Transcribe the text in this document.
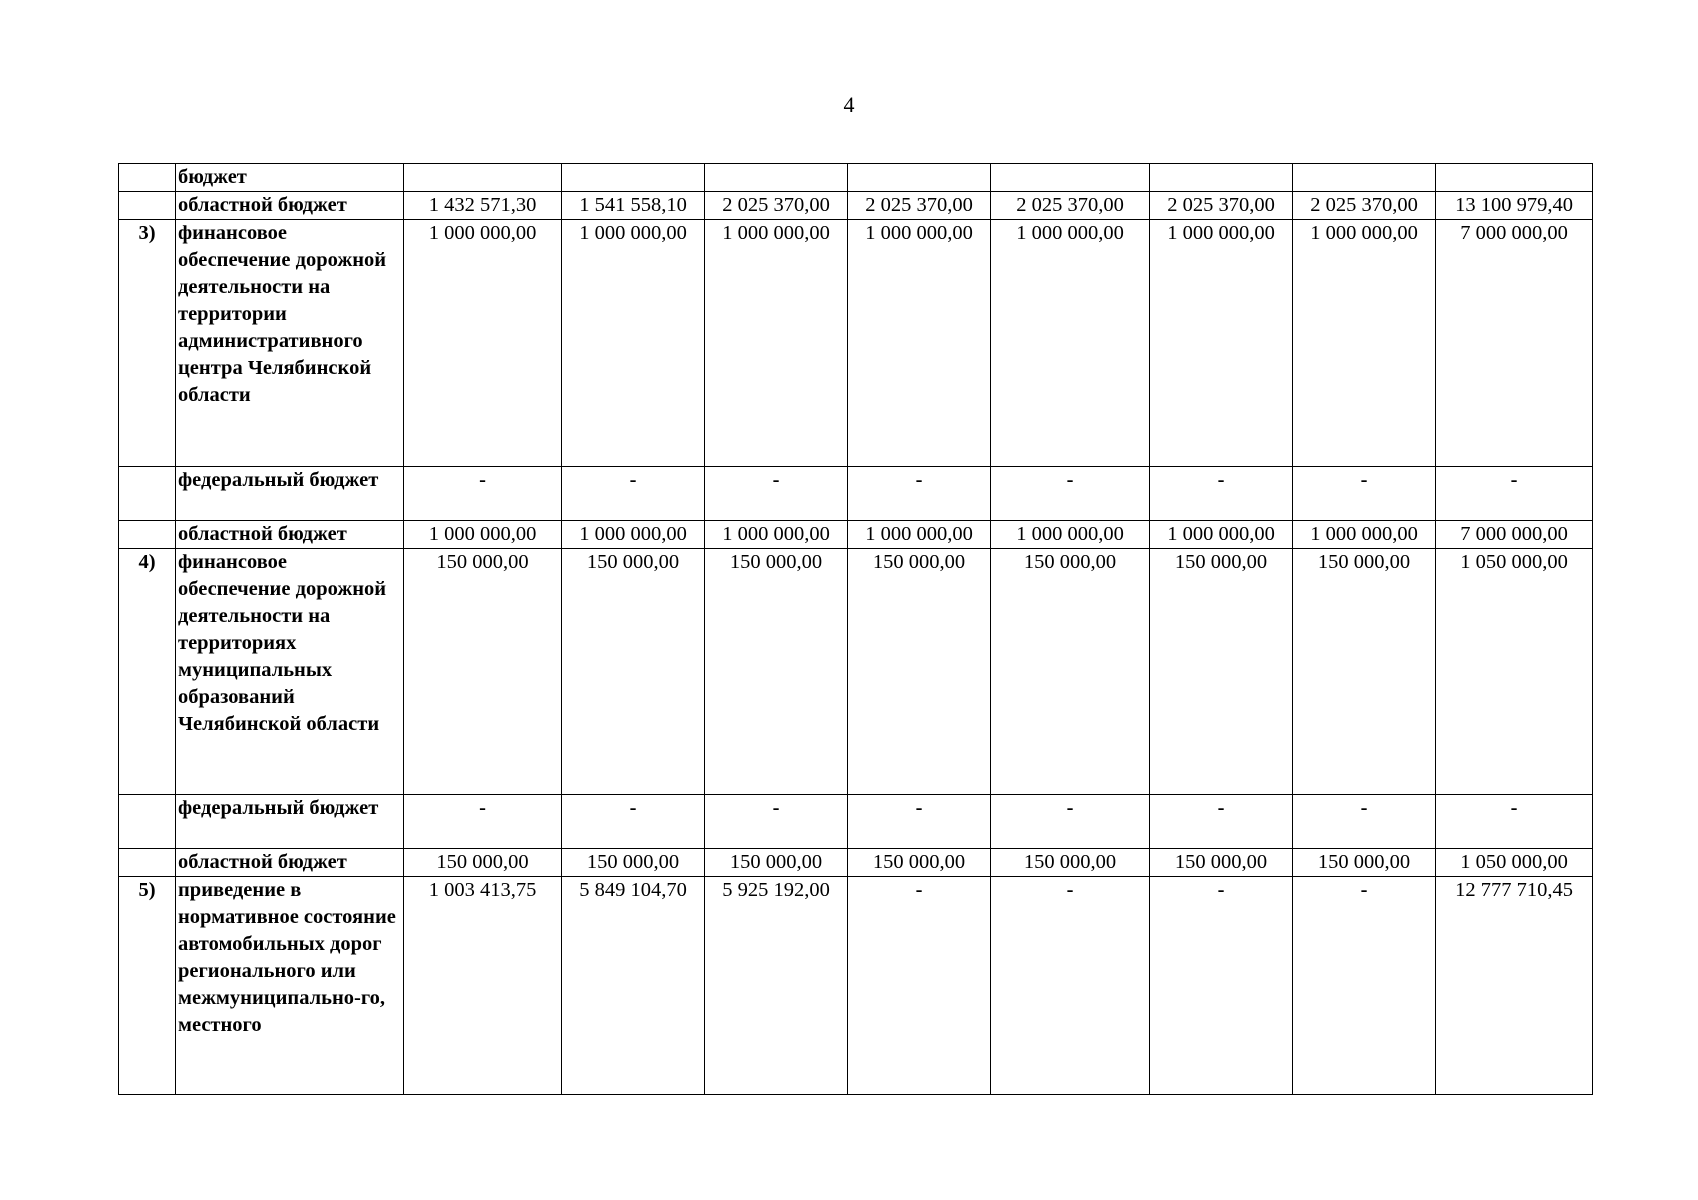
4
	бюджет								
	областной бюджет	1 432 571,30	1 541 558,10	2 025 370,00	2 025 370,00	2 025 370,00	2 025 370,00	2 025 370,00	13 100 979,40
3)	финансовое обеспечение дорожной деятельности на территории административного центра Челябинской области	1 000 000,00	1 000 000,00	1 000 000,00	1 000 000,00	1 000 000,00	1 000 000,00	1 000 000,00	7 000 000,00
	федеральный бюджет	-	-	-	-	-	-	-	-
	областной бюджет	1 000 000,00	1 000 000,00	1 000 000,00	1 000 000,00	1 000 000,00	1 000 000,00	1 000 000,00	7 000 000,00
4)	финансовое обеспечение дорожной деятельности на территориях муниципальных образований Челябинской области	150 000,00	150 000,00	150 000,00	150 000,00	150 000,00	150 000,00	150 000,00	1 050 000,00
	федеральный бюджет	-	-	-	-	-	-	-	-
	областной бюджет	150 000,00	150 000,00	150 000,00	150 000,00	150 000,00	150 000,00	150 000,00	1 050 000,00
5)	приведение в нормативное состояние автомобильных дорог регионального или межмуниципально-го, местного	1 003 413,75	5 849 104,70	5 925 192,00	-	-	-	-	12 777 710,45
